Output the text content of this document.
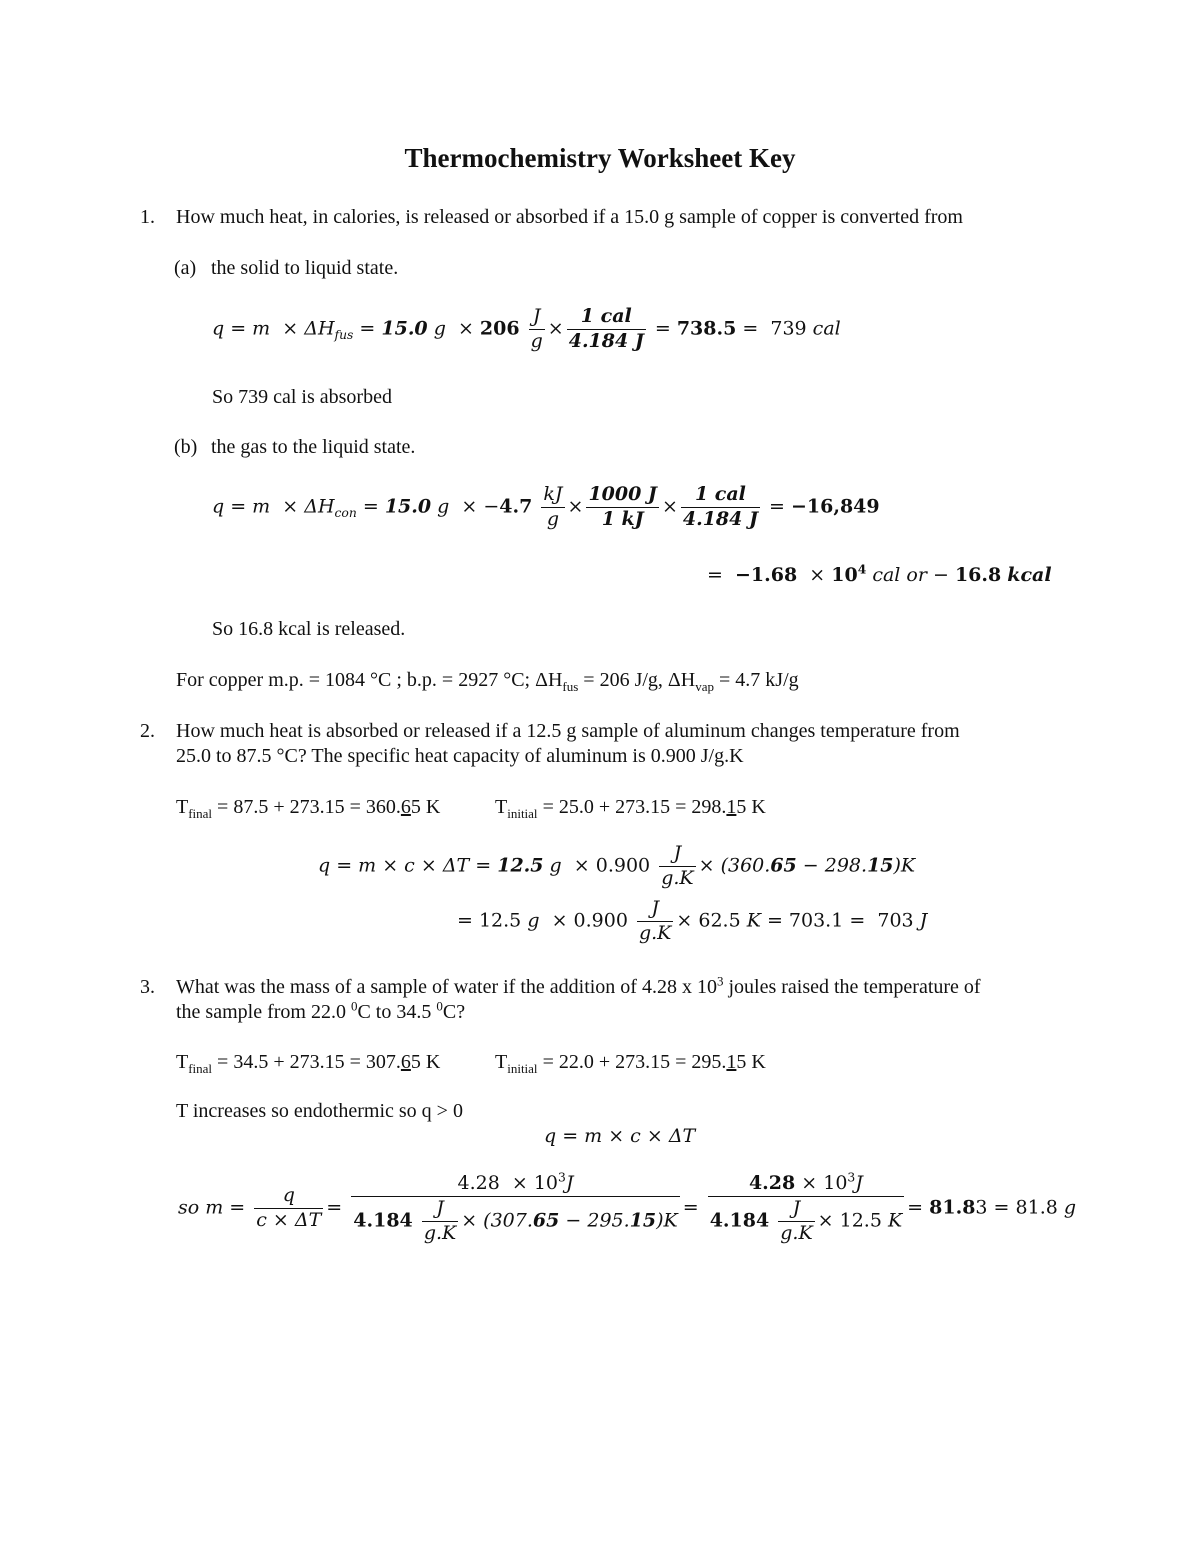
Thermochemistry Worksheet Key
1. How much heat, in calories, is released or absorbed if a 15.0 g sample of copper is converted from
(a) the solid to liquid state.
$q = m \times \Delta H_{fus} = 15.0$ $g \times 206 \frac{J}{g} \times \frac{\text{1 cal}}{4.184 J} = 738.5 = 739$ cal
So 739 cal is absorbed
(b) the gas to the liquid state.
$q = m \times \Delta H_{con} = 15.0$ $g \times -4.7 \frac{kJ}{g} \times \frac{1000 J}{1 kJ} \times \frac{\text{1 cal}}{4.184 J} = -16,849$
=  $-1.68 \times 10^4$ cal or − 16.8 kcal
So 16.8 kcal is released.
For copper m.p. = 1084 °C ; b.p. = 2927 °C; $\Delta H_{fus} = 206$ J/g, $\Delta H_{vap} = 4.7$ kJ/g
2. How much heat is absorbed or released if a 12.5 g sample of aluminum changes temperature from
25.0 to 87.5 °C? The specific heat capacity of aluminum is 0.900 J/g.K
$T_{final} = 87.5 + 273.15 = 360.65$ K	$T_{initial} = 25.0 + 273.15 = 298.15$ K
q = m × c × ΔT = 12.5 $g \times 0.900 \frac{J}{g.K} \times (360.65 - 298.15)K$
= 12.5 $g \times 0.900 \frac{J}{g.K} \times 62.5$ K = 703.1 =  703 J
3. What was the mass of a sample of water if the addition of 4.28 x $10^3$ joules raised the temperature of
the sample from 22.0 $^0$C to 34.5 $^0$C?
$T_{final} = 34.5 + 273.15 = 307.65$ K	$T_{initial} = 22.0 + 273.15 = 295.15$ K
T increases so endothermic so q > 0
q = m × c × ΔT
so $m = \frac{q}{c \times \Delta T} = \frac{4.28 \times 10^3J}{4.184 \frac{J}{g.K} \times (307.65 - 295.15)K} = \frac{4.28 \times 10^3J}{4.184 \frac{J}{g.K} \times 12.5 K} = 81.83 = 81.8$ g
